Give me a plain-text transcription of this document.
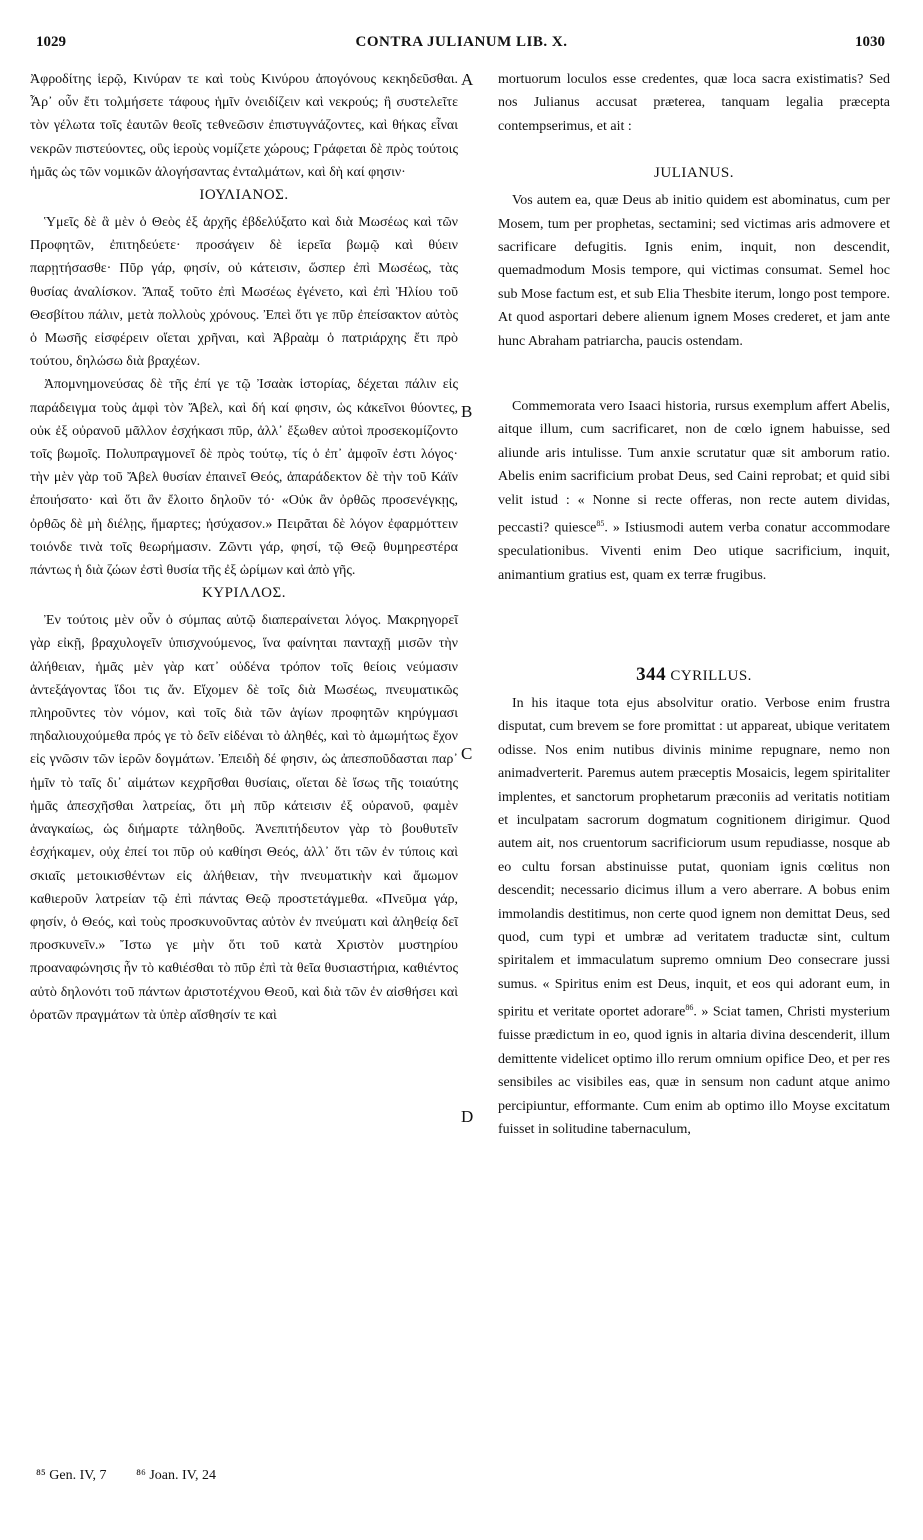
1029	CONTRA JULIANUM LIB. X.	1030
A
B
C
D

Ἀφροδίτης ἱερῷ, Κινύραν τε καὶ τοὺς Κινύρου ἀπογόνους κεκηδεῦσθαι. Ἆρ᾽ οὖν ἔτι τολμήσετε τάφους ἡμῖν ὀνειδίζειν καὶ νεκρούς; ἢ συστελεῖτε τὸν γέλωτα τοῖς ἑαυτῶν θεοῖς τεθνεῶσιν ἐπιστυγνάζοντες, καὶ θήκας εἶναι νεκρῶν πιστεύοντες, οὓς ἱεροὺς νομίζετε χώρους; Γράφεται δὲ πρὸς τούτοις ἡμᾶς ὡς τῶν νομικῶν ἀλογήσαντας ἐνταλμάτων, καὶ δὴ καί φησιν·

ΙΟΥΛΙΑΝΟΣ.

Ὑμεῖς δὲ ἃ μὲν ὁ Θεὸς ἐξ ἀρχῆς ἐβδελύξατο καὶ διὰ Μωσέως καὶ τῶν Προφητῶν, ἐπιτηδεύετε· προσάγειν δὲ ἱερεῖα βωμῷ καὶ θύειν παρῃτήσασθε· Πῦρ γάρ, φησίν, οὐ κάτεισιν, ὥσπερ ἐπὶ Μωσέως, τὰς θυσίας ἀναλίσκον. Ἅπαξ τοῦτο ἐπὶ Μωσέως ἐγένετο, καὶ ἐπὶ Ἡλίου τοῦ Θεσβίτου πάλιν, μετὰ πολλοὺς χρόνους. Ἐπεὶ ὅτι γε πῦρ ἐπείσακτον αὐτὸς ὁ Μωσῆς εἰσφέρειν οἴεται χρῆναι, καὶ Ἀβραὰμ ὁ πατριάρχης ἔτι πρὸ τούτου, δηλώσω διὰ βραχέων.

Ἀπομνημονεύσας δὲ τῆς ἐπί γε τῷ Ἰσαὰκ ἱστορίας, δέχεται πάλιν εἰς παράδειγμα τοὺς ἀμφὶ τὸν Ἄβελ, καὶ δή καί φησιν, ὡς κἀκεῖνοι θύοντες, οὐκ ἐξ οὐρανοῦ μᾶλλον ἐσχήκασι πῦρ, ἀλλ᾽ ἔξωθεν αὐτοὶ προσεκομίζοντο τοῖς βωμοῖς. Πολυπραγμονεῖ δὲ πρὸς τούτῳ, τίς ὁ ἐπ᾽ ἀμφοῖν ἐστι λόγος· τὴν μὲν γὰρ τοῦ Ἄβελ θυσίαν ἐπαινεῖ Θεός, ἀπαράδεκτον δὲ τὴν τοῦ Κάϊν ἐποιήσατο· καὶ ὅτι ἂν ἔλοιτο δηλοῦν τό· «Οὐκ ἂν ὀρθῶς προσενέγκῃς, ὀρθῶς δὲ μὴ διέλῃς, ἥμαρτες; ἡσύχασον.» Πειρᾶται δὲ λόγον ἐφαρμόττειν τοιόνδε τινὰ τοῖς θεωρήμασιν. Ζῶντι γάρ, φησί, τῷ Θεῷ θυμηρεστέρα πάντως ἡ διὰ ζώων ἐστὶ θυσία τῆς ἐξ ὡρίμων καὶ ἀπὸ γῆς.

ΚΥΡΙΛΛΟΣ.

Ἐν τούτοις μὲν οὖν ὁ σύμπας αὐτῷ διαπεραίνεται λόγος. Μακρηγορεῖ γὰρ εἰκῇ, βραχυλογεῖν ὑπισχνούμενος, ἵνα φαίνηται πανταχῇ μισῶν τὴν ἀλήθειαν, ἡμᾶς μὲν γὰρ κατ᾽ οὐδένα τρόπον τοῖς θείοις νεύμασιν ἀντεξάγοντας ἴδοι τις ἄν. Εἴχομεν δὲ τοῖς διὰ Μωσέως, πνευματικῶς πληροῦντες τὸν νόμον, καὶ τοῖς διὰ τῶν ἁγίων προφητῶν κηρύγμασι πηδαλιουχούμεθα πρός γε τὸ δεῖν εἰδέναι τὸ ἀληθές, καὶ τὸ ἀμωμήτως ἔχον εἰς γνῶσιν τῶν ἱερῶν δογμάτων. Ἐπειδὴ δέ φησιν, ὡς ἀπεσποῦδασται παρ᾽ ἡμῖν τὸ ταῖς δι᾽ αἱμάτων κεχρῆσθαι θυσίαις, οἴεται δὲ ἴσως τῆς τοιαύτης ἡμᾶς ἀπεσχῆσθαι λατρείας, ὅτι μὴ πῦρ κάτεισιν ἐξ οὐρανοῦ, φαμὲν ἀναγκαίως, ὡς διήμαρτε τἀληθοῦς. Ἀνεπιτήδευτον γὰρ τὸ βουθυτεῖν ἐσχήκαμεν, οὐχ ἐπεί τοι πῦρ οὐ καθίησι Θεός, ἀλλ᾽ ὅτι τῶν ἐν τύποις καὶ σκιαῖς μετοικισθέντων εἰς ἀλήθειαν, τὴν πνευματικὴν καὶ ἄμωμον καθιεροῦν λατρείαν τῷ ἐπὶ πάντας Θεῷ προστετάγμεθα. «Πνεῦμα γάρ, φησίν, ὁ Θεός, καὶ τοὺς προσκυνοῦντας αὐτὸν ἐν πνεύματι καὶ ἀληθείᾳ δεῖ προσκυνεῖν.» Ἴστω γε μὴν ὅτι τοῦ κατὰ Χριστὸν μυστηρίου προαναφώνησις ἦν τὸ καθιέσθαι τὸ πῦρ ἐπὶ τὰ θεῖα θυσιαστήρια, καθιέντος αὐτὸ δηλονότι τοῦ πάντων ἀριστοτέχνου Θεοῦ, καὶ διὰ τῶν ἐν αἰσθήσει καὶ ὁρατῶν πραγμάτων τὰ ὑπὲρ αἴσθησίν τε καὶ

mortuorum loculos esse credentes, quæ loca sacra existimatis? Sed nos Julianus accusat præterea, tanquam legalia præcepta contempserimus, et ait :

JULIANUS.

Vos autem ea, quæ Deus ab initio quidem est abominatus, cum per Mosem, tum per prophetas, sectamini; sed victimas aris admovere et sacrificare defugitis. Ignis enim, inquit, non descendit, quemadmodum Mosis tempore, qui victimas consumat. Semel hoc sub Mose factum est, et sub Elia Thesbite iterum, longo post tempore. At quod asportari debere alienum ignem Moses crederet, et jam ante hunc Abraham patriarcha, paucis ostendam.

Commemorata vero Isaaci historia, rursus exemplum affert Abelis, aitque illum, cum sacrificaret, non de cœlo ignem habuisse, sed aliunde aris intulisse. Tum anxie scrutatur quæ sit amborum ratio. Abelis enim sacrificium probat Deus, sed Caini reprobat; et quid sibi velit istud : « Nonne si recte offeras, non recte autem dividas, peccasti? quiesce$^{85}$. » Istiusmodi autem verba conatur accommodare speculationibus. Viventi enim Deo utique sacrificium, inquit, animantium gratius est, quam ex terræ frugibus.

344 CYRILLUS.

In his itaque tota ejus absolvitur oratio. Verbose enim frustra disputat, cum brevem se fore promittat : ut appareat, ubique veritatem odisse. Nos enim nutibus divinis minime repugnare, nemo non animadverterit. Paremus autem præceptis Mosaicis, legem spiritaliter implentes, et sanctorum prophetarum præconiis ad veritatis notitiam et inculpatam sacrorum dogmatum cognitionem dirigimur. Quod autem ait, nos cruentorum sacrificiorum usum repudiasse, nosque ab eo cultu forsan abstinuisse putat, quoniam ignis cœlitus non descendit; necessario dicimus illum a vero aberrare. A bobus enim immolandis destitimus, non certe quod ignem non demittat Deus, sed quod, cum typi et umbræ ad veritatem traductæ sint, cultum spiritalem et immaculatum supremo omnium Deo consecrare jussi sumus. « Spiritus enim est Deus, inquit, et eos qui adorant eum, in spiritu et veritate oportet adorare$^{86}$. » Sciat tamen, Christi mysterium fuisse prædictum in eo, quod ignis in altaria divina descenderit, illum demittente videlicet optimo illo rerum omnium opifice Deo, et per res sensibiles ac visibiles eas, quæ in sensum non cadunt atque animo percipiuntur, efformante. Cum enim ab optimo illo Moyse excitatum fuisset in solitudine tabernaculum,

⁸⁵ Gen. IV, 7 ⁸⁶ Joan. IV, 24
